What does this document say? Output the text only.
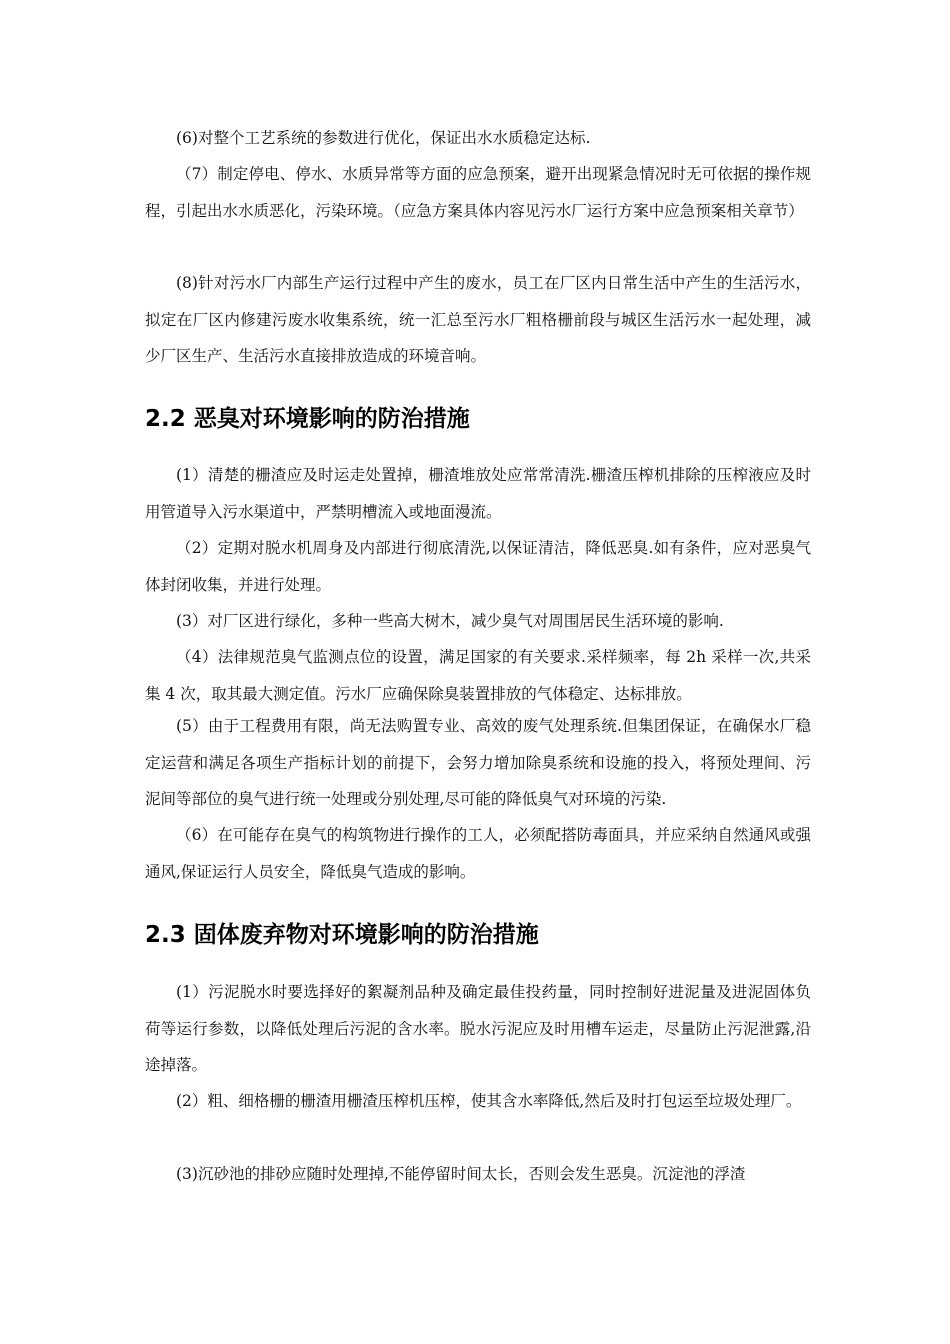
(6)对整个工艺系统的参数进行优化，保证出水水质稳定达标.
（7）制定停电、停水、水质异常等方面的应急预案，避开出现紧急情况时无可依据的操作规程，引起出水水质恶化，污染环境。（应急方案具体内容见污水厂运行方案中应急预案相关章节）
(8)针对污水厂内部生产运行过程中产生的废水，员工在厂区内日常生活中产生的生活污水，拟定在厂区内修建污废水收集系统，统一汇总至污水厂粗格栅前段与城区生活污水一起处理，减少厂区生产、生活污水直接排放造成的环境音响。
2.2 恶臭对环境影响的防治措施
(1）清楚的栅渣应及时运走处置掉，栅渣堆放处应常常清洗.栅渣压榨机排除的压榨液应及时用管道导入污水渠道中，严禁明槽流入或地面漫流。
（2）定期对脱水机周身及内部进行彻底清洗,以保证清洁，降低恶臭.如有条件，应对恶臭气体封闭收集，并进行处理。
(3）对厂区进行绿化，多种一些高大树木，减少臭气对周围居民生活环境的影响.
（4）法律规范臭气监测点位的设置，满足国家的有关要求.采样频率，每 2h 采样一次,共采集 4 次，取其最大测定值。污水厂应确保除臭装置排放的气体稳定、达标排放。
(5）由于工程费用有限，尚无法购置专业、高效的废气处理系统.但集团保证，在确保水厂稳定运营和满足各项生产指标计划的前提下，会努力增加除臭系统和设施的投入，将预处理间、污泥间等部位的臭气进行统一处理或分别处理,尽可能的降低臭气对环境的污染.
（6）在可能存在臭气的构筑物进行操作的工人，必须配搭防毒面具，并应采纳自然通风或强通风,保证运行人员安全，降低臭气造成的影响。
2.3 固体废弃物对环境影响的防治措施
(1）污泥脱水时要选择好的絮凝剂品种及确定最佳投药量，同时控制好进泥量及进泥固体负荷等运行参数，以降低处理后污泥的含水率。脱水污泥应及时用槽车运走，尽量防止污泥泄露,沿途掉落。
(2）粗、细格栅的栅渣用栅渣压榨机压榨，使其含水率降低,然后及时打包运至垃圾处理厂。
(3)沉砂池的排砂应随时处理掉,不能停留时间太长，否则会发生恶臭。沉淀池的浮渣
